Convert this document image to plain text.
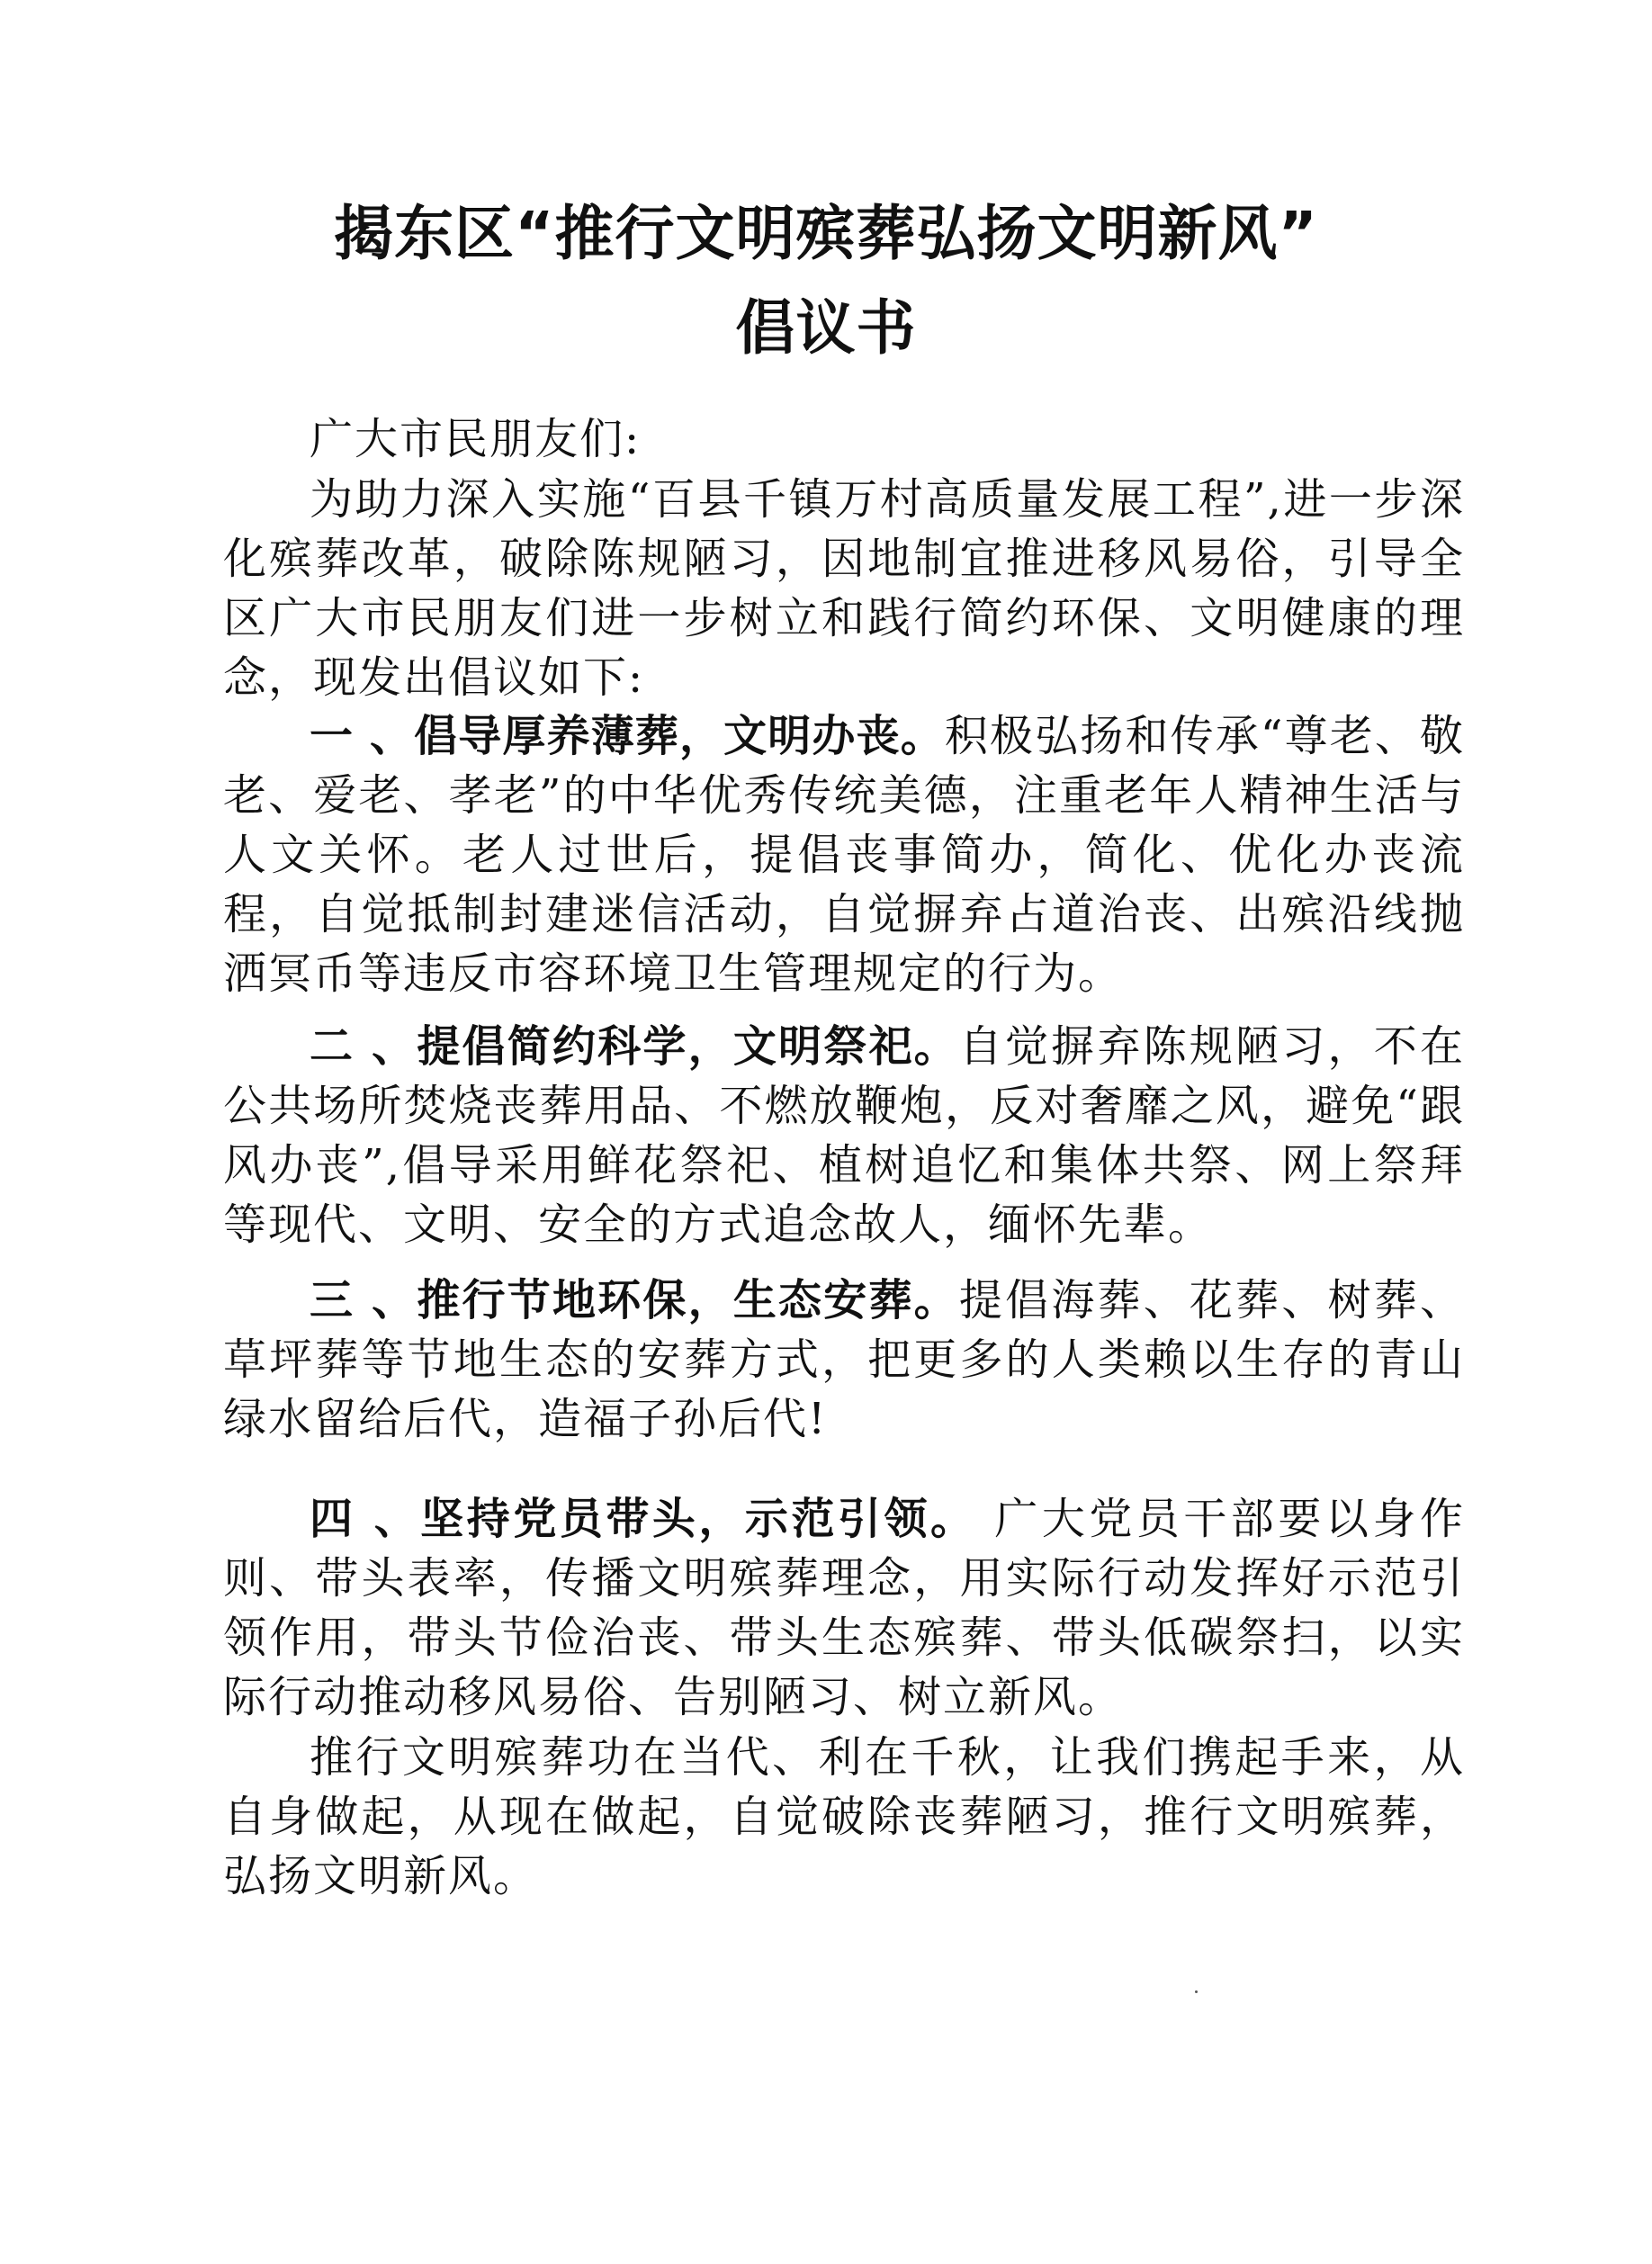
揭东区“推行文明殡葬弘扬文明新风”
倡议书

广大市民朋友们:

为助力深入实施“百县千镇万村高质量发展工程”,进一步深化殡葬改革，破除陈规陋习，因地制宜推进移风易俗，引导全区广大市民朋友们进一步树立和践行简约环保、文明健康的理念，现发出倡议如下:

一 、倡导厚养薄葬，文明办丧。积极弘扬和传承“尊老、敬老、爱老、孝老”的中华优秀传统美德，注重老年人精神生活与人文关怀。老人过世后，提倡丧事简办，简化、优化办丧流程，自觉抵制封建迷信活动，自觉摒弃占道治丧、出殡沿线抛洒冥币等违反市容环境卫生管理规定的行为。

二 、提倡简约科学，文明祭祀。自觉摒弃陈规陋习，不在公共场所焚烧丧葬用品、不燃放鞭炮，反对奢靡之风，避免“跟风办丧”,倡导采用鲜花祭祀、植树追忆和集体共祭、网上祭拜等现代、文明、安全的方式追念故人，缅怀先辈。

三 、推行节地环保，生态安葬。提倡海葬、花葬、树葬、草坪葬等节地生态的安葬方式，把更多的人类赖以生存的青山绿水留给后代，造福子孙后代!

四 、坚持党员带头，示范引领。 广大党员干部要以身作则、带头表率，传播文明殡葬理念，用实际行动发挥好示范引领作用，带头节俭治丧、带头生态殡葬、带头低碳祭扫，以实际行动推动移风易俗、告别陋习、树立新风。

推行文明殡葬功在当代、利在千秋，让我们携起手来，从自身做起，从现在做起，自觉破除丧葬陋习，推行文明殡葬，弘扬文明新风。
